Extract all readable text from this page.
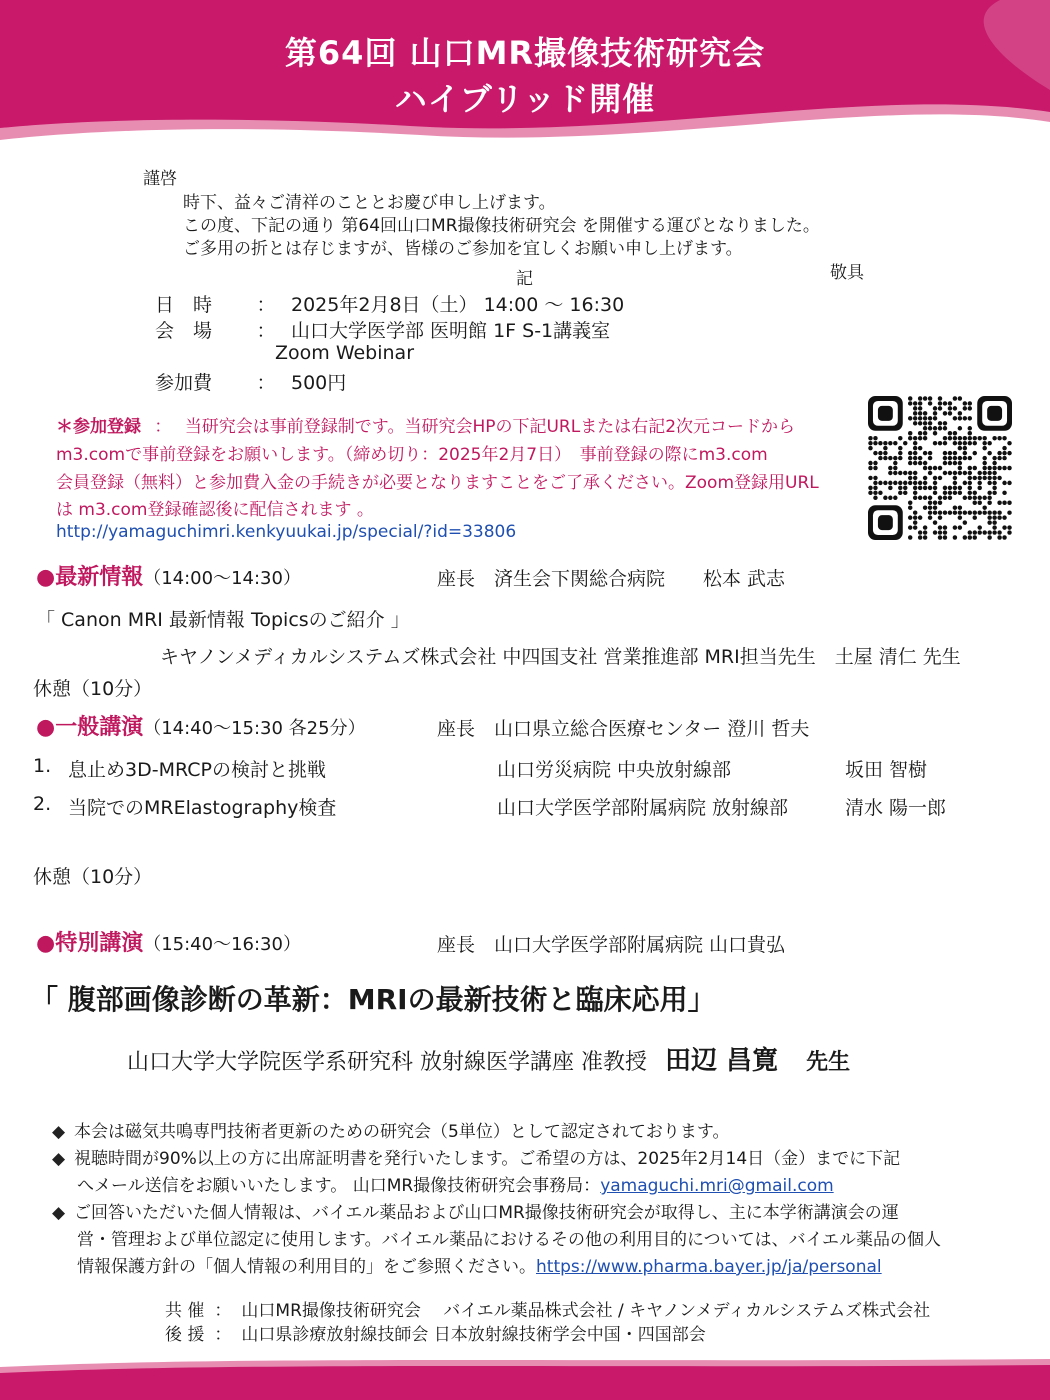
第64回 山口MR撮像技術研究会
ハイブリッド開催
謹啓
時下、益々ご清祥のこととお慶び申し上げます。
この度、下記の通り 第64回山口MR撮像技術研究会 を開催する運びとなりました。
ご多用の折とは存じますが、皆様のご参加を宜しくお願い申し上げます。
記	敬具
日　時	： 2025年2月8日（土） 14:00 ～ 16:30
会　場	： 山口大学医学部 医明館 1F S-1講義室
Zoom Webinar
参加費	： 500円
＊参加登録 ： 当研究会は事前登録制です。当研究会HPの下記URLまたは右記2次元コードから
m3.comで事前登録をお願いします。（締め切り：2025年2月7日）　事前登録の際にm3.com
会員登録（無料）と参加費入金の手続きが必要となりますことをご了承ください。Zoom登録用URL
は m3.com登録確認後に配信されます 。
http://yamaguchimri.kenkyuukai.jp/special/?id=33806
● 最新情報 （14:00～14:30）	座長　済生会下関総合病院　　松本 武志
「 Canon MRI 最新情報 Topicsのご紹介 」
キヤノンメディカルシステムズ株式会社 中四国支社 営業推進部 MRI担当先生　土屋 清仁 先生
休憩（10分）
● 一般講演 （14:40～15:30 各25分）	座長　山口県立総合医療センター 澄川 哲夫
1. 息止め3D-MRCPの検討と挑戦	山口労災病院 中央放射線部	坂田 智樹
2. 当院でのMRElastography検査	山口大学医学部附属病院 放射線部	清水 陽一郎
休憩（10分）
● 特別講演 （15:40～16:30）	座長　山口大学医学部附属病院 山口貴弘
「 腹部画像診断の革新：MRIの最新技術と臨床応用」
山口大学大学院医学系研究科 放射線医学講座 准教授 田辺 昌寛 先生
◆ 本会は磁気共鳴専門技術者更新のための研究会（5単位）として認定されております。
◆ 視聴時間が90%以上の方に出席証明書を発行いたします。ご希望の方は、2025年2月14日（金）までに下記
へメール送信をお願いいたします。 山口MR撮像技術研究会事務局：yamaguchi.mri@gmail.com
◆ ご回答いただいた個人情報は、バイエル薬品および山口MR撮像技術研究会が取得し、主に本学術講演会の運
営・管理および単位認定に使用します。バイエル薬品におけるその他の利用目的については、バイエル薬品の個人
情報保護方針の「個人情報の利用目的」をご参照ください。https://www.pharma.bayer.jp/ja/personal
共 催 ： 山口MR撮像技術研究会　 バイエル薬品株式会社 / キヤノンメディカルシステムズ株式会社
後 援 ： 山口県診療放射線技師会 日本放射線技術学会中国・四国部会
